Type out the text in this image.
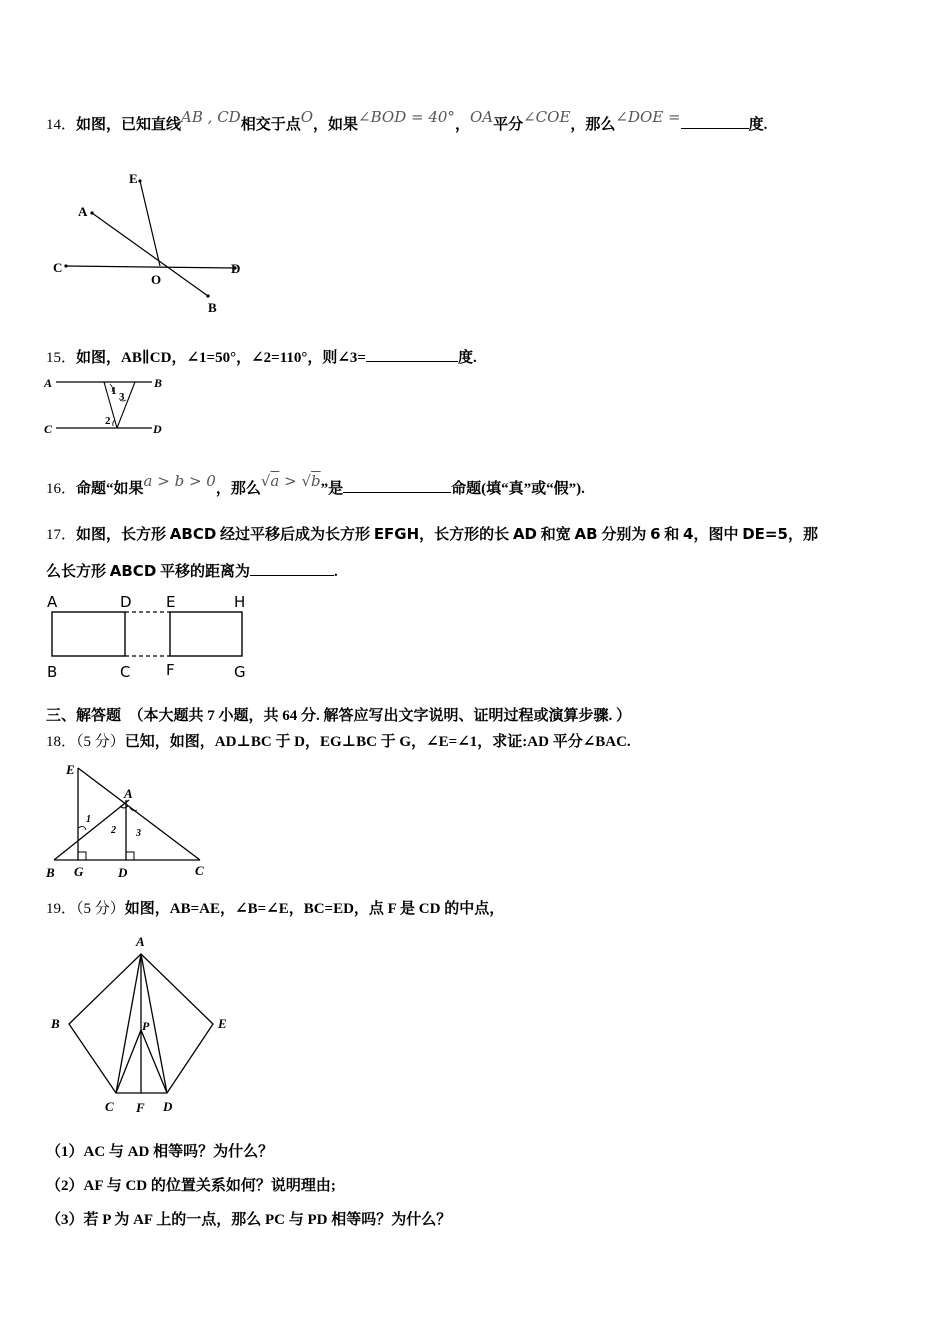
14．如图，已知直线AB , CD相交于点O，如果∠BOD = 40°，OA平分∠COE，那么∠DOE =	度.
E
A
C
O
D
B
15．如图，AB∥CD，∠1=50°，∠2=110°，则∠3=	度.
A	B
C	D
1 3
2
16．命题“如果a > b > 0，那么√a > √b”是	命题(填“真”或“假”).
17．如图，长方形 ABCD 经过平移后成为长方形 EFGH，长方形的长 AD 和宽 AB 分别为 6 和 4，图中 DE=5，那
么长方形 ABCD 平移的距离为	.
A	D E	H
B	C F	G
三、解答题 （本大题共 7 小题，共 64 分. 解答应写出文字说明、证明过程或演算步骤. ）
18．（5 分）已知，如图，AD⊥BC 于 D，EG⊥BC 于 G，∠E=∠1，求证:AD 平分∠BAC.
E
A
B G	D	C
1
2 3
19．（5 分）如图，AB=AE，∠B=∠E，BC=ED，点 F 是 CD 的中点，
A
B	E
P
C F D
（1）AC 与 AD 相等吗？为什么？
（2）AF 与 CD 的位置关系如何？说明理由;
（3）若 P 为 AF 上的一点，那么 PC 与 PD 相等吗？为什么？
